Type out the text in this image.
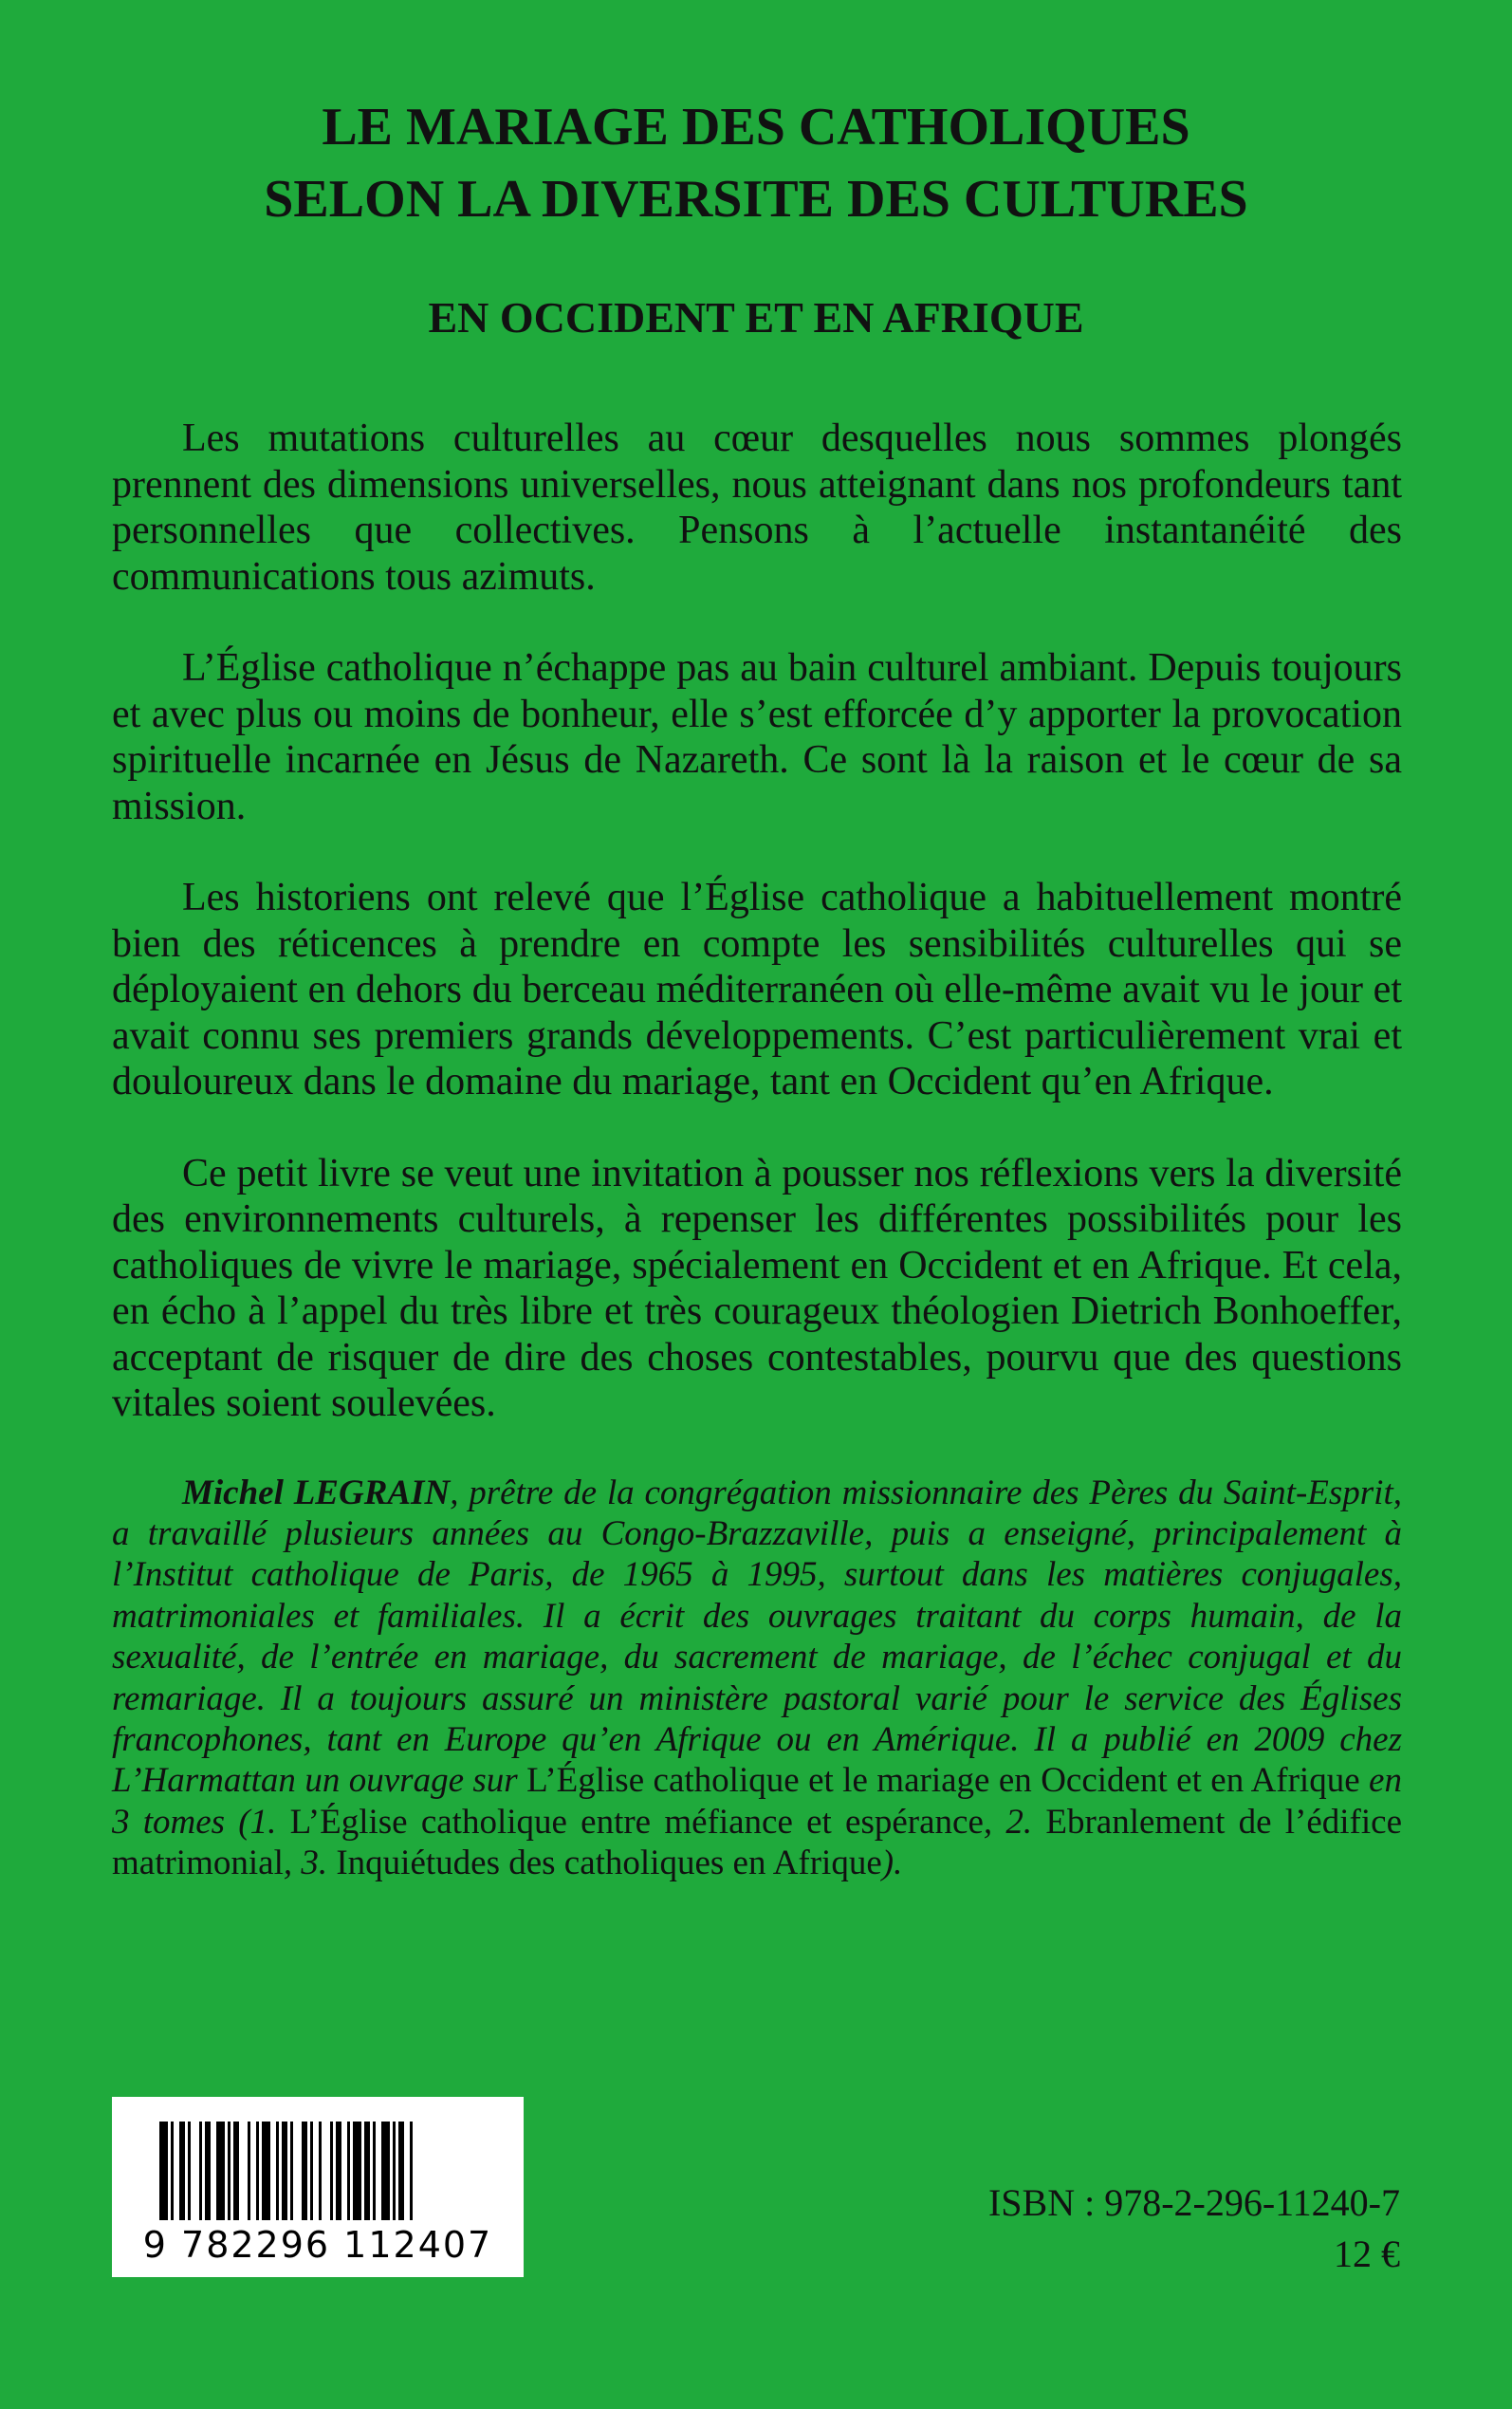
LE MARIAGE DES CATHOLIQUES
SELON LA DIVERSITE DES CULTURES
EN OCCIDENT ET EN AFRIQUE

Les mutations culturelles au cœur desquelles nous sommes plongés prennent des dimensions universelles, nous atteignant dans nos profondeurs tant personnelles que collectives. Pensons à l’actuelle instantanéité des communications tous azimuts.

L’Église catholique n’échappe pas au bain culturel ambiant. Depuis toujours et avec plus ou moins de bonheur, elle s’est efforcée d’y apporter la provocation spirituelle incarnée en Jésus de Nazareth. Ce sont là la raison et le cœur de sa mission.

Les historiens ont relevé que l’Église catholique a habituellement montré bien des réticences à prendre en compte les sensibilités culturelles qui se déployaient en dehors du berceau méditerranéen où elle-même avait vu le jour et avait connu ses premiers grands développements. C’est particulièrement vrai et douloureux dans le domaine du mariage, tant en Occident qu’en Afrique.

Ce petit livre se veut une invitation à pousser nos réflexions vers la diversité des environnements culturels, à repenser les différentes possibilités pour les catholiques de vivre le mariage, spécialement en Occident et en Afrique. Et cela, en écho à l’appel du très libre et très courageux théologien Dietrich Bonhoeffer, acceptant de risquer de dire des choses contestables, pourvu que des questions vitales soient soulevées.

Michel LEGRAIN, prêtre de la congrégation missionnaire des Pères du Saint-Esprit, a travaillé plusieurs années au Congo-Brazzaville, puis a enseigné, principalement à l’Institut catholique de Paris, de 1965 à 1995, surtout dans les matières conjugales, matrimoniales et familiales. Il a écrit des ouvrages traitant du corps humain, de la sexualité, de l’entrée en mariage, du sacrement de mariage, de l’échec conjugal et du remariage. Il a toujours assuré un ministère pastoral varié pour le service des Églises francophones, tant en Europe qu’en Afrique ou en Amérique. Il a publié en 2009 chez L’Harmattan un ouvrage sur L’Église catholique et le mariage en Occident et en Afrique en 3 tomes (1. L’Église catholique entre méfiance et espérance, 2. Ebranlement de l’édifice matrimonial, 3. Inquiétudes des catholiques en Afrique).

9 782296 112407

ISBN : 978-2-296-11240-7

12 €
